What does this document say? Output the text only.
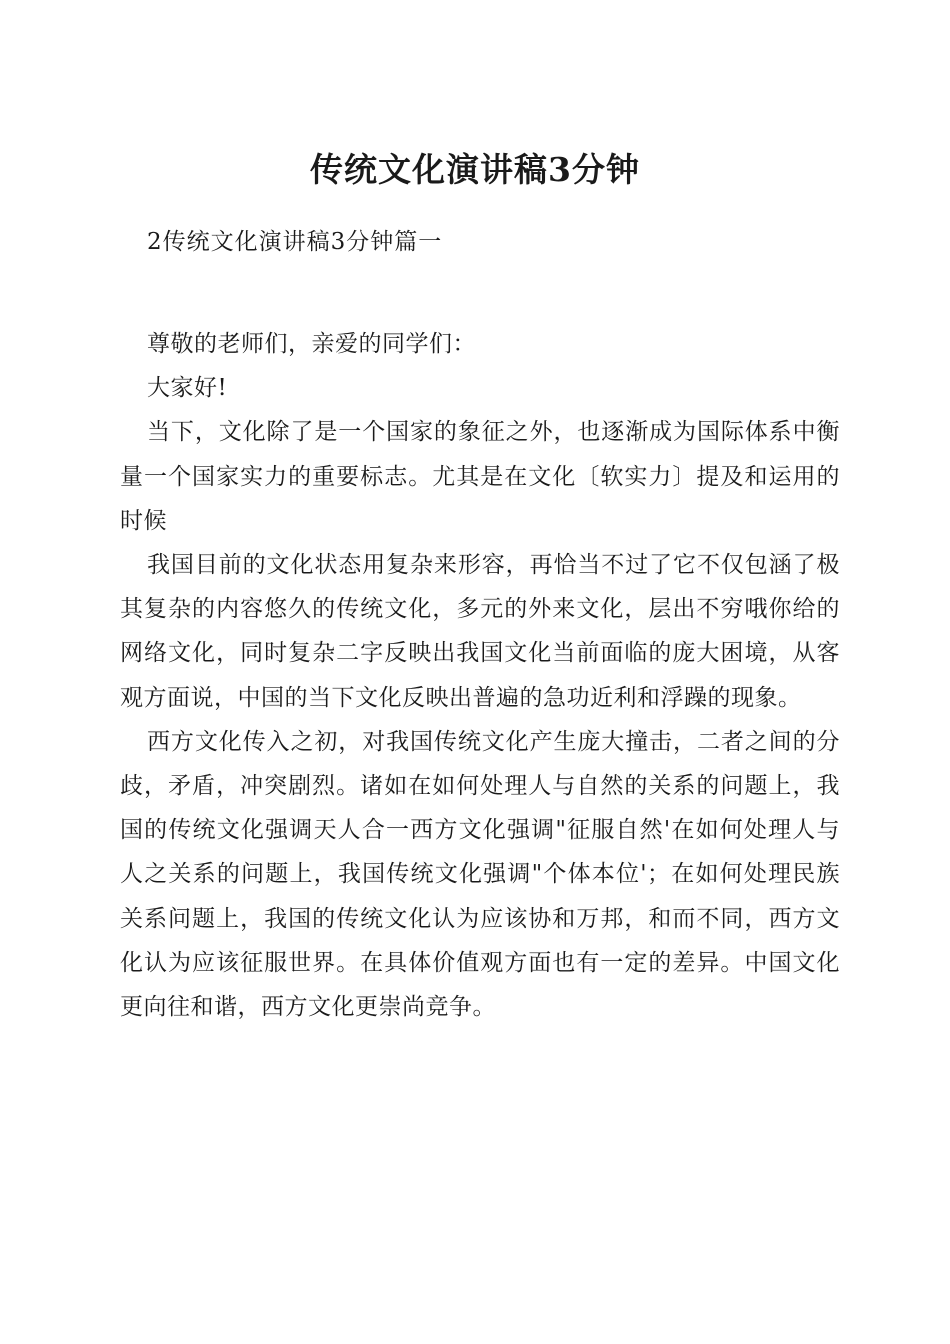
传统文化演讲稿3分钟

2传统文化演讲稿3分钟篇一

尊敬的老师们，亲爱的同学们：

大家好!

当下，文化除了是一个国家的象征之外，也逐渐成为国际体系中衡量一个国家实力的重要标志。尤其是在文化〔软实力〕提及和运用的时候

我国目前的文化状态用复杂来形容，再恰当不过了它不仅包涵了极其复杂的内容悠久的传统文化，多元的外来文化，层出不穷哦你给的网络文化，同时复杂二字反映出我国文化当前面临的庞大困境，从客观方面说，中国的当下文化反映出普遍的急功近利和浮躁的现象。

西方文化传入之初，对我国传统文化产生庞大撞击，二者之间的分歧，矛盾，冲突剧烈。诸如在如何处理人与自然的关系的问题上，我国的传统文化强调天人合一西方文化强调"征服自然'在如何处理人与人之关系的问题上，我国传统文化强调"个体本位'；在如何处理民族关系问题上，我国的传统文化认为应该协和万邦，和而不同，西方文化认为应该征服世界。在具体价值观方面也有一定的差异。中国文化更向往和谐，西方文化更崇尚竞争。
